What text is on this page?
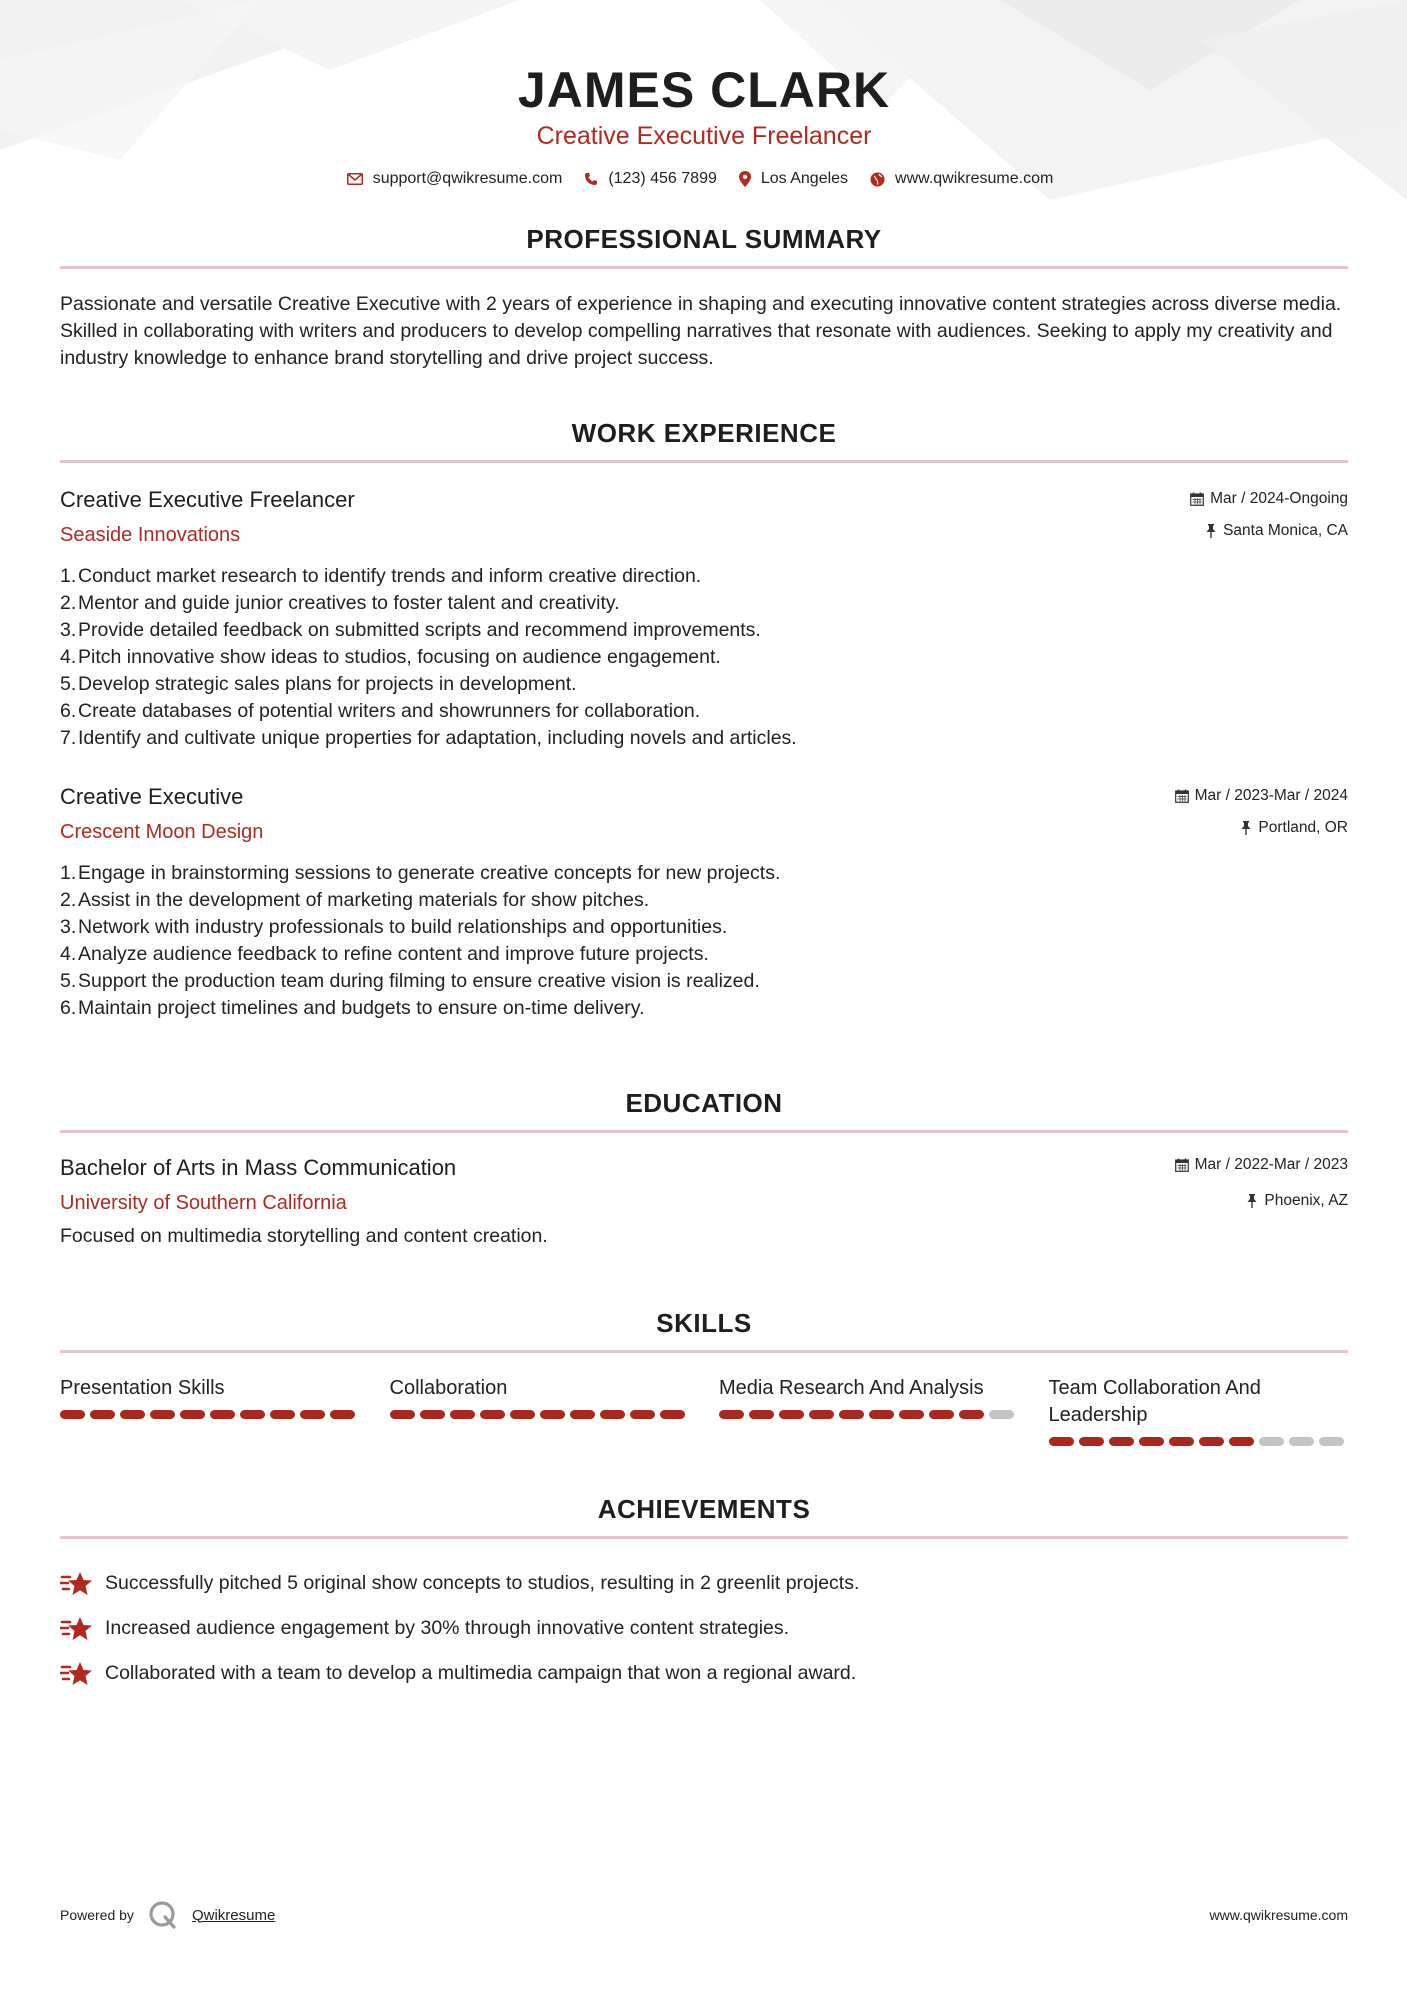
JAMES CLARK
Creative Executive Freelancer
support@qwikresume.com	(123) 456 7899	Los Angeles	www.qwikresume.com
PROFESSIONAL SUMMARY
Passionate and versatile Creative Executive with 2 years of experience in shaping and executing innovative content strategies across diverse media. Skilled in collaborating with writers and producers to develop compelling narratives that resonate with audiences. Seeking to apply my creativity and industry knowledge to enhance brand storytelling and drive project success.
WORK EXPERIENCE
Creative Executive Freelancer
Seaside Innovations
Mar / 2024-Ongoing
Santa Monica, CA
1. Conduct market research to identify trends and inform creative direction.
2. Mentor and guide junior creatives to foster talent and creativity.
3. Provide detailed feedback on submitted scripts and recommend improvements.
4. Pitch innovative show ideas to studios, focusing on audience engagement.
5. Develop strategic sales plans for projects in development.
6. Create databases of potential writers and showrunners for collaboration.
7. Identify and cultivate unique properties for adaptation, including novels and articles.
Creative Executive
Crescent Moon Design
Mar / 2023-Mar / 2024
Portland, OR
1. Engage in brainstorming sessions to generate creative concepts for new projects.
2. Assist in the development of marketing materials for show pitches.
3. Network with industry professionals to build relationships and opportunities.
4. Analyze audience feedback to refine content and improve future projects.
5. Support the production team during filming to ensure creative vision is realized.
6. Maintain project timelines and budgets to ensure on-time delivery.
EDUCATION
Bachelor of Arts in Mass Communication
University of Southern California
Mar / 2022-Mar / 2023
Phoenix, AZ
Focused on multimedia storytelling and content creation.
SKILLS
Presentation Skills	Collaboration	Media Research And Analysis	Team Collaboration And Leadership
ACHIEVEMENTS
Successfully pitched 5 original show concepts to studios, resulting in 2 greenlit projects.
Increased audience engagement by 30% through innovative content strategies.
Collaborated with a team to develop a multimedia campaign that won a regional award.
Powered by	Qwikresume	www.qwikresume.com
